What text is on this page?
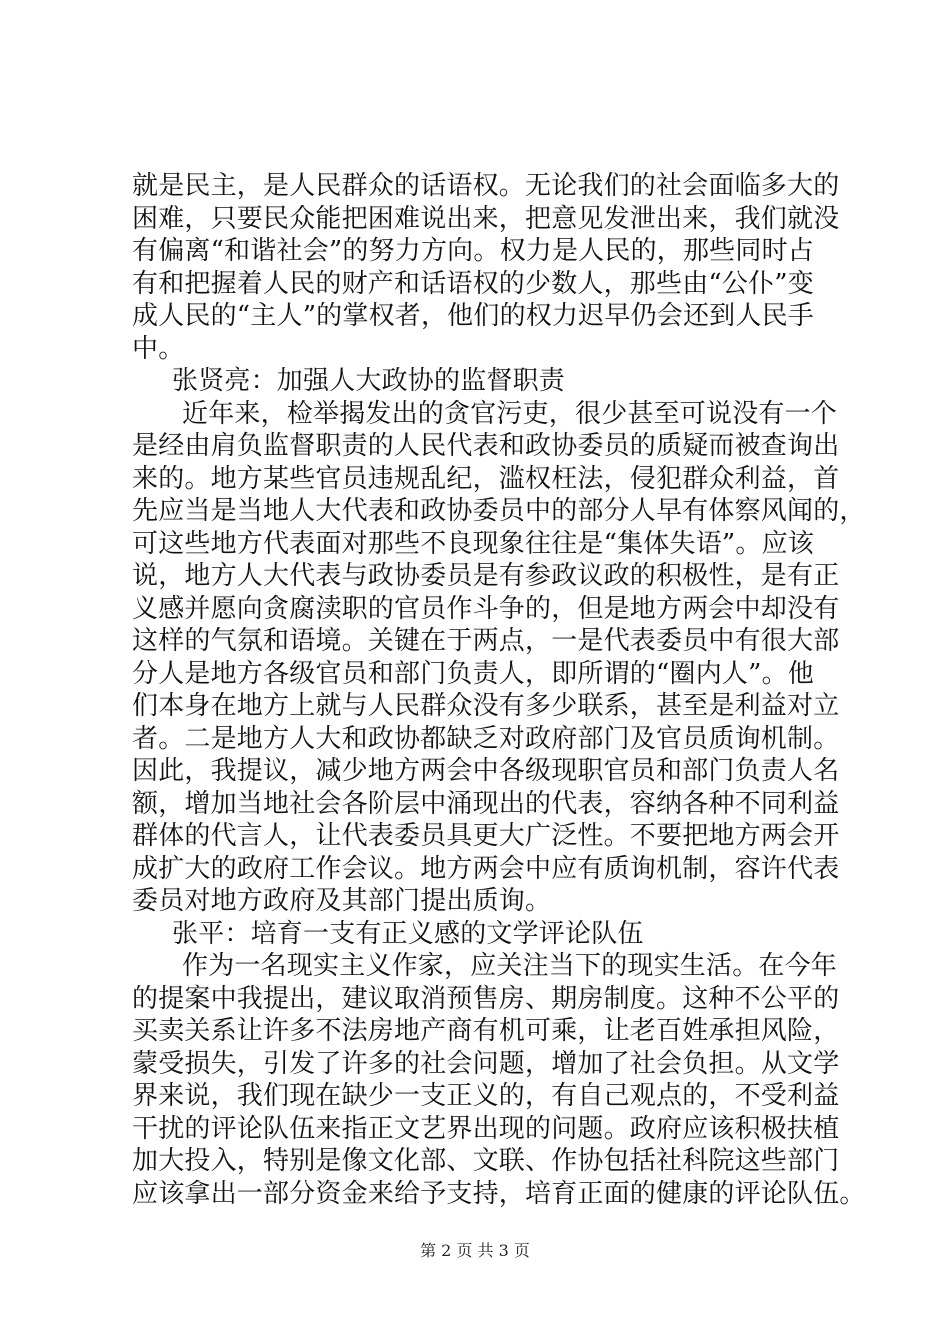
就是民主，是人民群众的话语权。无论我们的社会面临多大的
困难，只要民众能把困难说出来，把意见发泄出来，我们就没
有偏离“和谐社会”的努力方向。权力是人民的，那些同时占
有和把握着人民的财产和话语权的少数人，那些由“公仆”变
成人民的“主人”的掌权者，他们的权力迟早仍会还到人民手
中。
张贤亮：加强人大政协的监督职责
近年来，检举揭发出的贪官污吏，很少甚至可说没有一个
是经由肩负监督职责的人民代表和政协委员的质疑而被查询出
来的。地方某些官员违规乱纪，滥权枉法，侵犯群众利益，首
先应当是当地人大代表和政协委员中的部分人早有体察风闻的，
可这些地方代表面对那些不良现象往往是“集体失语”。应该
说，地方人大代表与政协委员是有参政议政的积极性，是有正
义感并愿向贪腐渎职的官员作斗争的，但是地方两会中却没有
这样的气氛和语境。关键在于两点，一是代表委员中有很大部
分人是地方各级官员和部门负责人，即所谓的“圈内人”。他
们本身在地方上就与人民群众没有多少联系，甚至是利益对立
者。二是地方人大和政协都缺乏对政府部门及官员质询机制。
因此，我提议，减少地方两会中各级现职官员和部门负责人名
额，增加当地社会各阶层中涌现出的代表，容纳各种不同利益
群体的代言人，让代表委员具更大广泛性。不要把地方两会开
成扩大的政府工作会议。地方两会中应有质询机制，容许代表
委员对地方政府及其部门提出质询。
张平：培育一支有正义感的文学评论队伍
作为一名现实主义作家，应关注当下的现实生活。在今年
的提案中我提出，建议取消预售房、期房制度。这种不公平的
买卖关系让许多不法房地产商有机可乘，让老百姓承担风险，
蒙受损失，引发了许多的社会问题，增加了社会负担。从文学
界来说，我们现在缺少一支正义的，有自己观点的，不受利益
干扰的评论队伍来指正文艺界出现的问题。政府应该积极扶植
加大投入，特别是像文化部、文联、作协包括社科院这些部门
应该拿出一部分资金来给予支持，培育正面的健康的评论队伍。
第 2 页 共 3 页
